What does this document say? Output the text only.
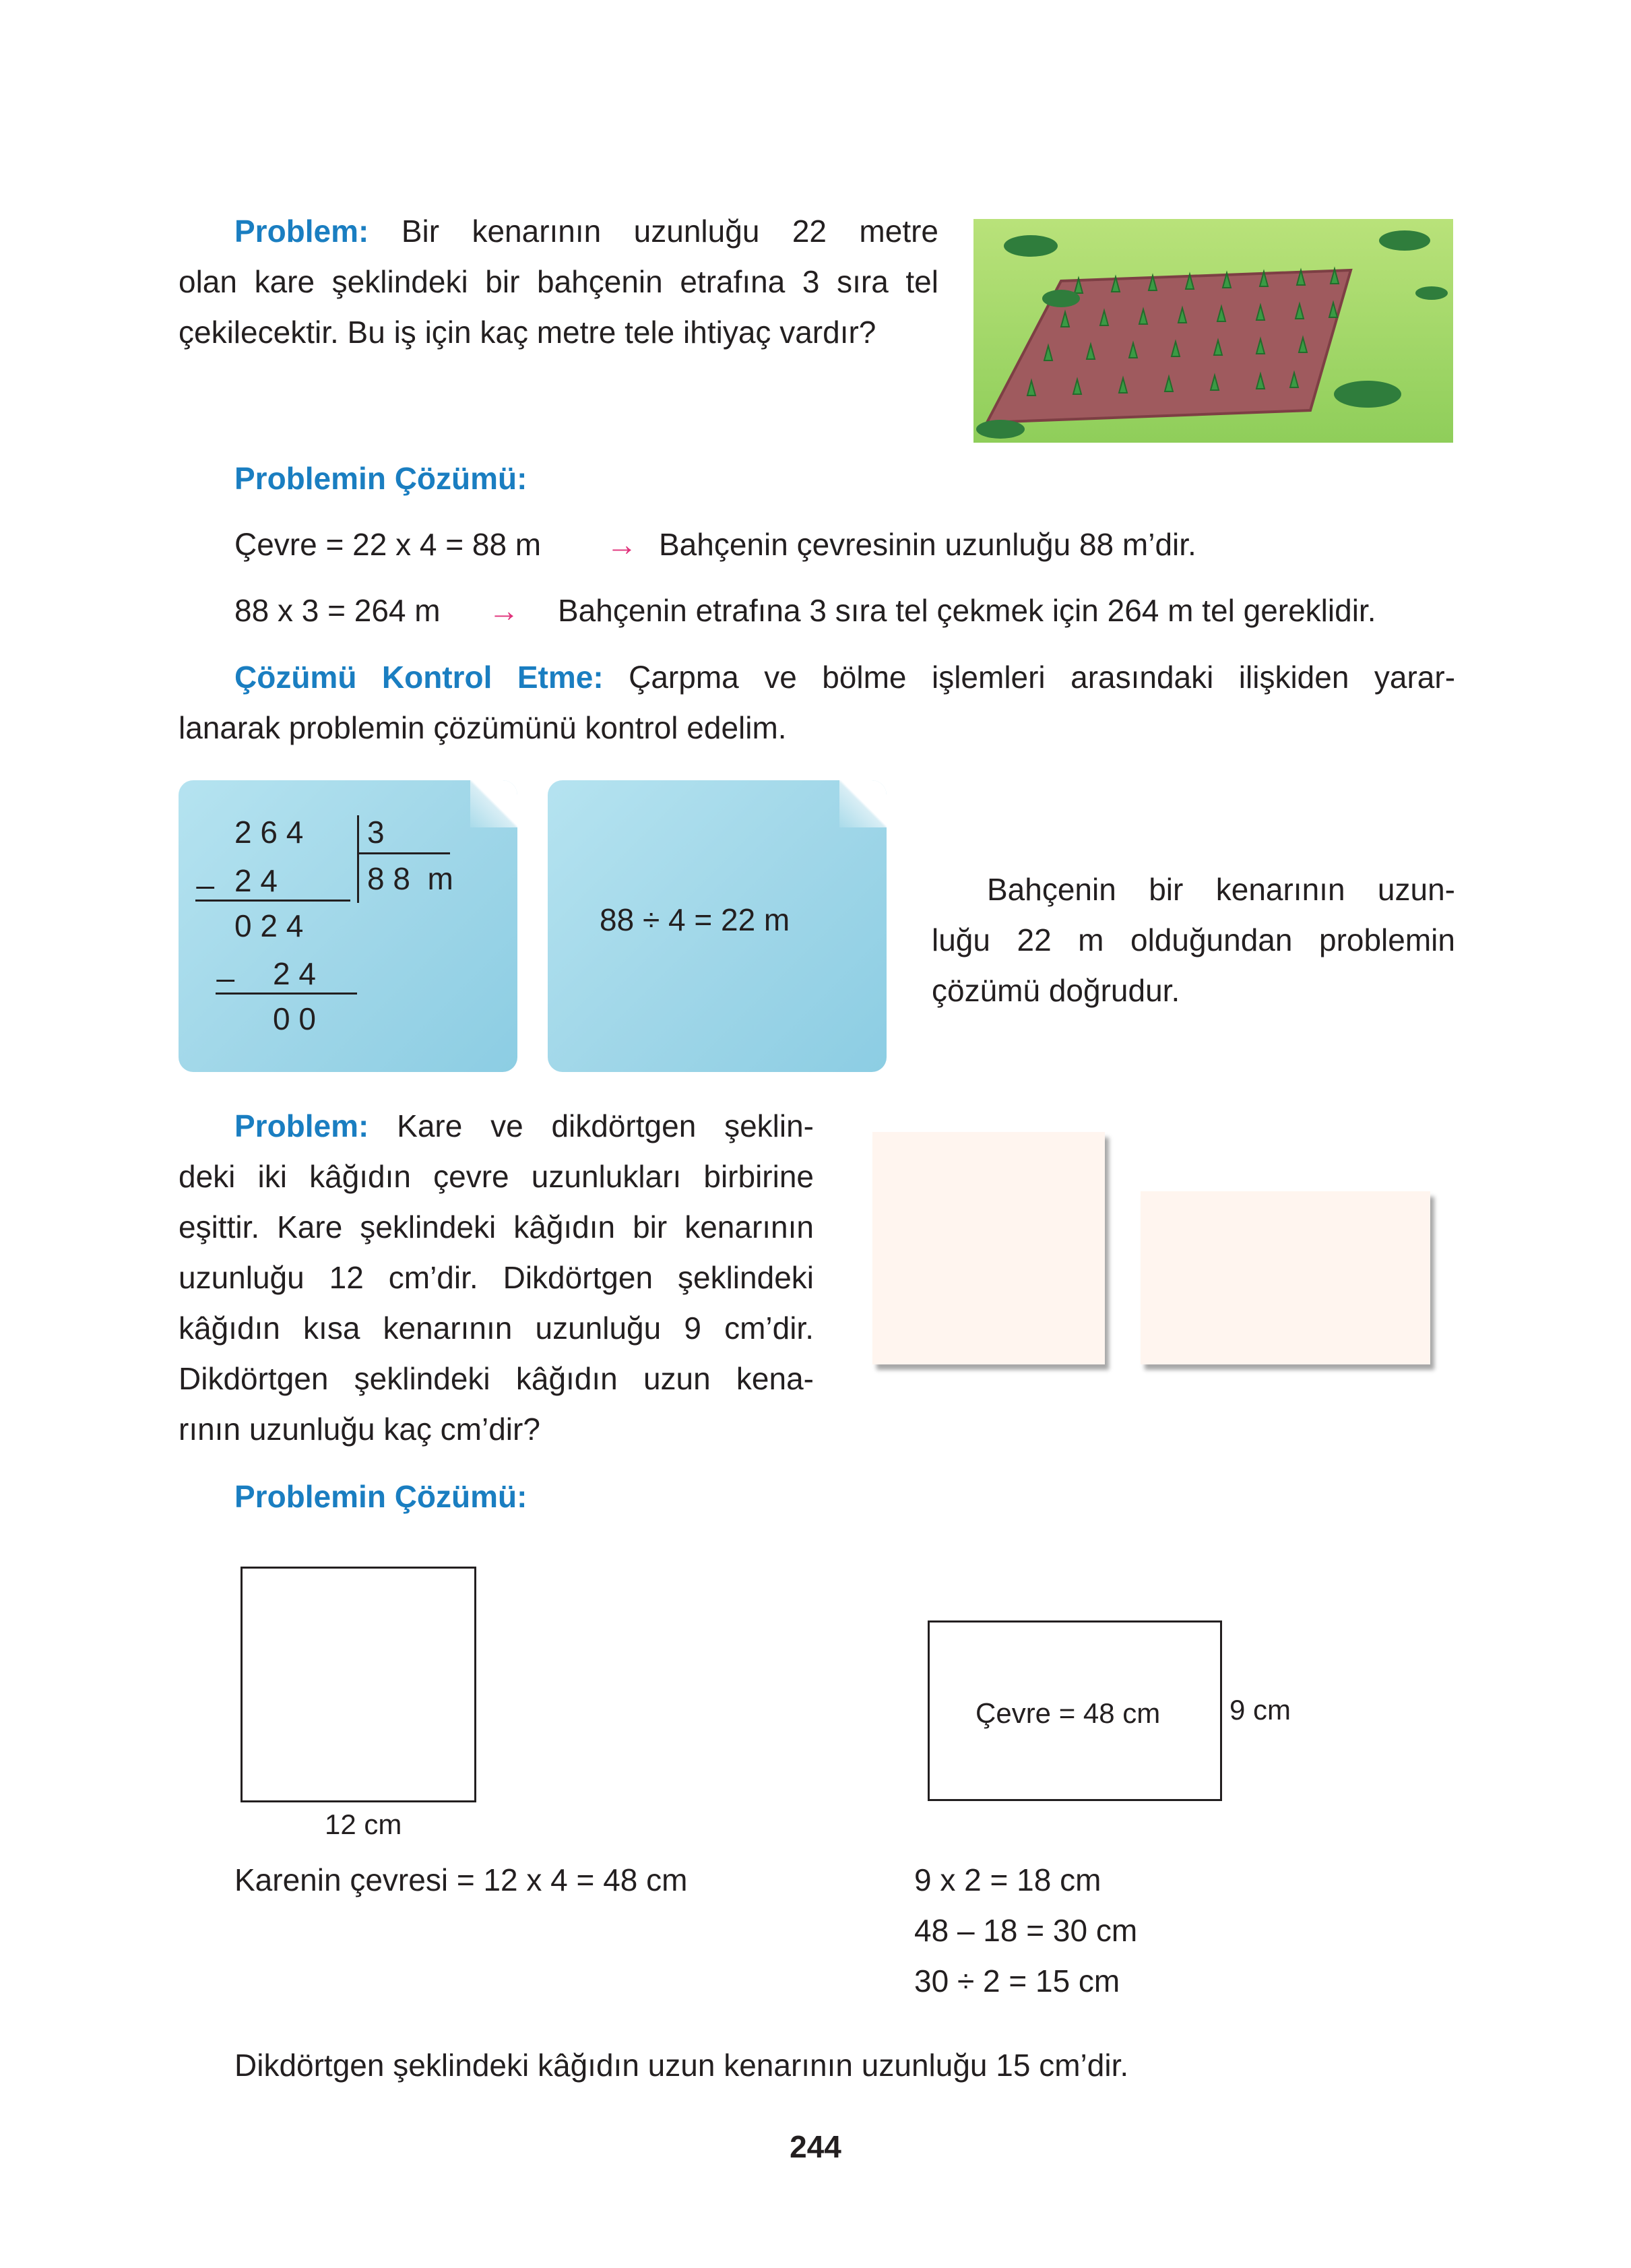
Problem: Bir kenarının uzunluğu 22 metre
olan kare şeklindeki bir bahçenin etrafına 3 sıra tel
çekilecektir. Bu iş için kaç metre tele ihtiyaç vardır?
Problemin Çözümü:
Çevre = 22 x 4 = 88 m → Bahçenin çevresinin uzunluğu 88 m’dir.
88 x 3 = 264 m → Bahçenin etrafına 3 sıra tel çekmek için 264 m tel gereklidir.
Çözümü Kontrol Etme: Çarpma ve bölme işlemleri arasındaki ilişkiden yarar-
lanarak problemin çözümünü kontrol edelim.
2 6 4 3
8 8  m
_ 2 4
0 2 4
_ 2 4
0 0
88 ÷ 4 = 22 m
Bahçenin bir kenarının uzun-
luğu 22 m olduğundan problemin
çözümü doğrudur.
Problem: Kare ve dikdörtgen şeklin-
deki iki kâğıdın çevre uzunlukları birbirine
eşittir. Kare şeklindeki kâğıdın bir kenarının
uzunluğu 12 cm’dir. Dikdörtgen şeklindeki
kâğıdın kısa kenarının uzunluğu 9 cm’dir.
Dikdörtgen şeklindeki kâğıdın uzun kena-
rının uzunluğu kaç cm’dir?
Problemin Çözümü:
12 cm
Çevre = 48 cm 9 cm
Karenin çevresi = 12 x 4 = 48 cm	9 x 2 = 18 cm
48 – 18 = 30 cm
30 ÷ 2 = 15 cm
Dikdörtgen şeklindeki kâğıdın uzun kenarının uzunluğu 15 cm’dir.
244
